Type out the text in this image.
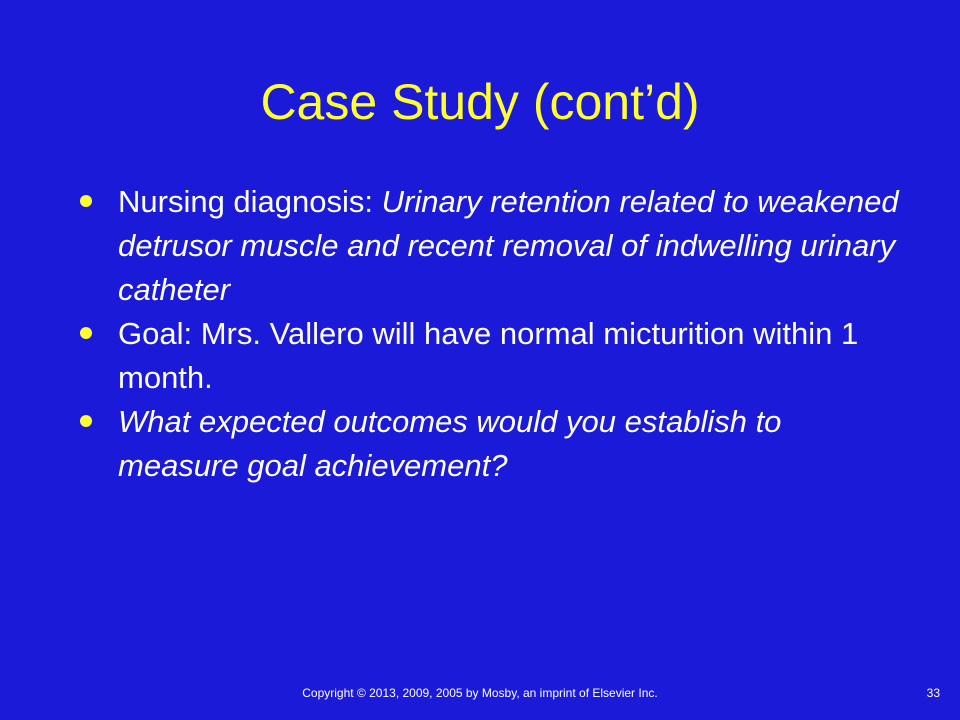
Case Study (cont’d)
Nursing diagnosis: Urinary retention related to weakened detrusor muscle and recent removal of indwelling urinary catheter
Goal: Mrs. Vallero will have normal micturition within 1 month.
What expected outcomes would you establish to measure goal achievement?
Copyright © 2013, 2009, 2005 by Mosby, an imprint of Elsevier Inc.	33
